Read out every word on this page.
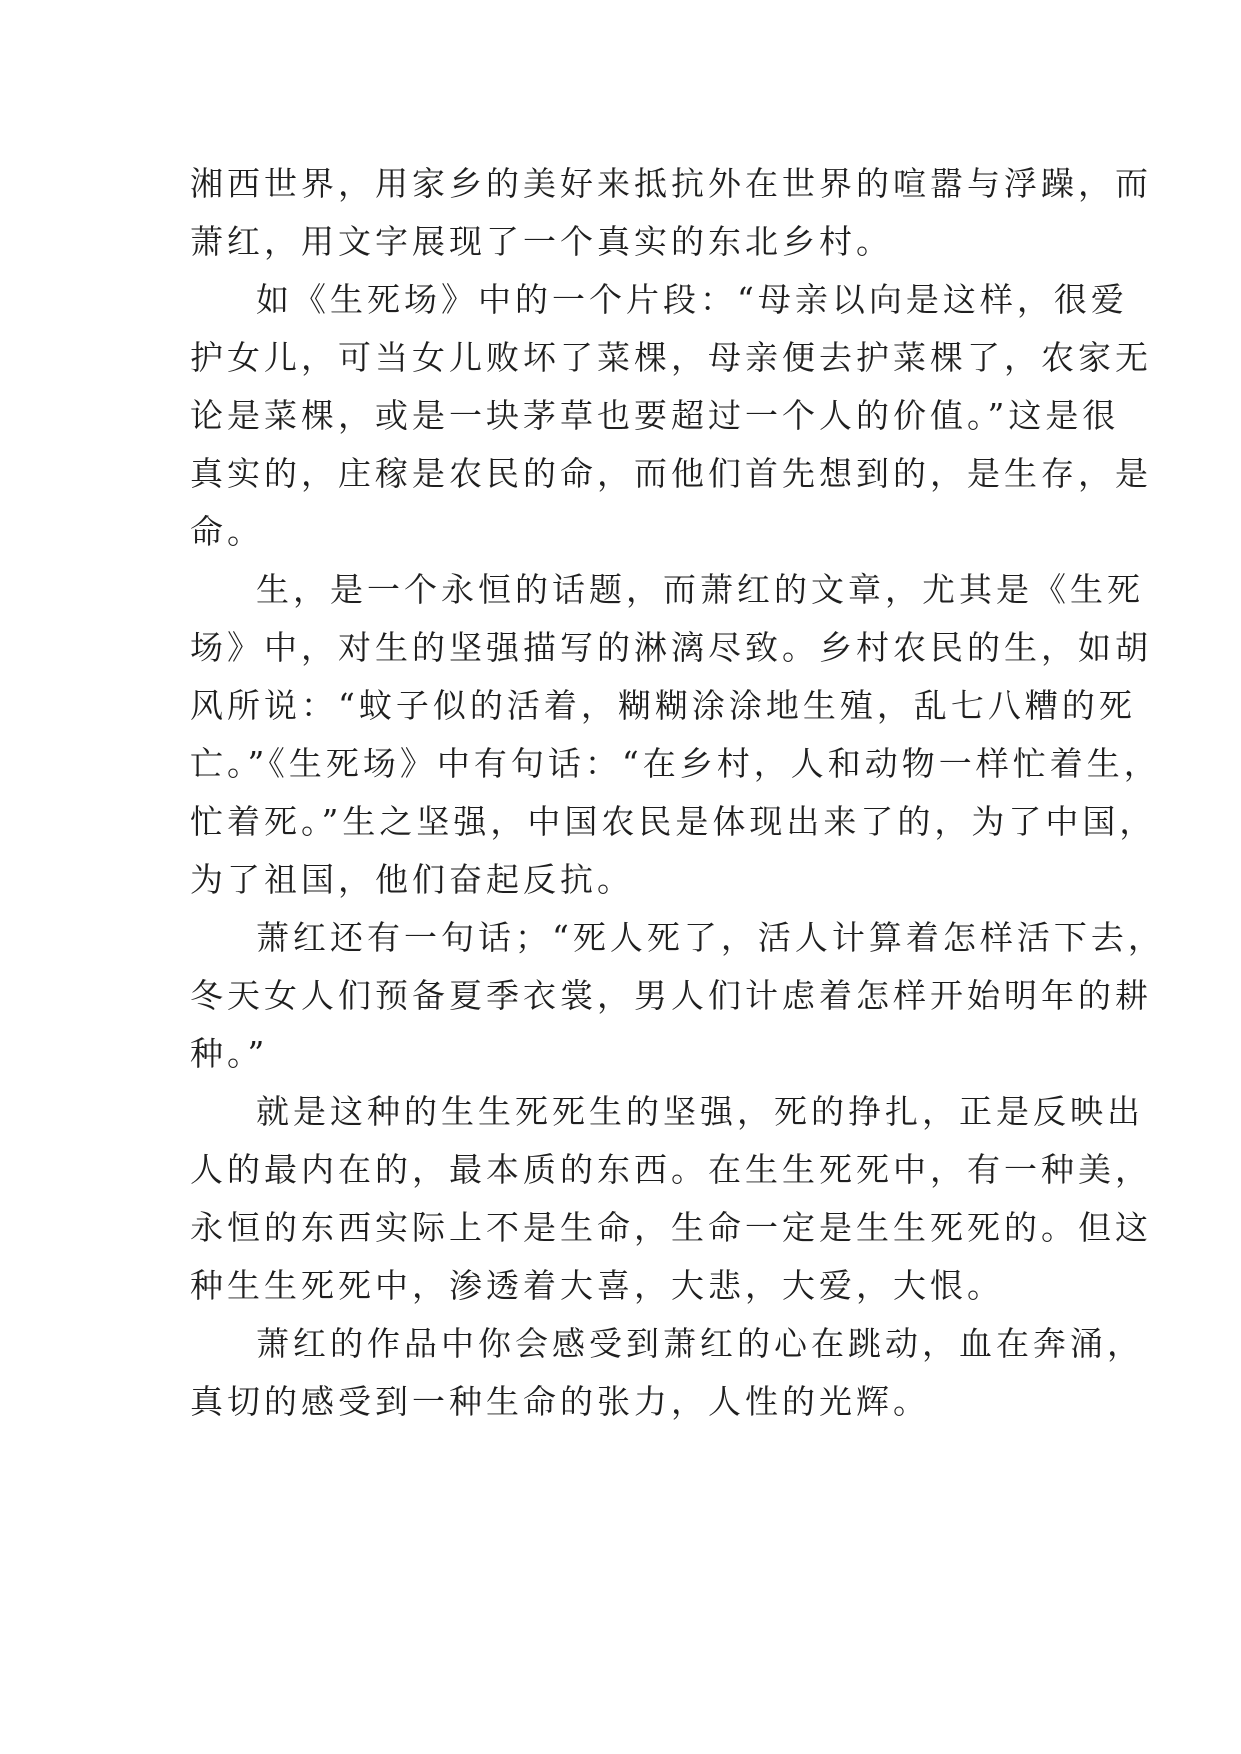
湘西世界，用家乡的美好来抵抗外在世界的喧嚣与浮躁，而
萧红，用文字展现了一个真实的东北乡村。
如《生死场》中的一个片段：“母亲以向是这样，很爱
护女儿，可当女儿败坏了菜棵，母亲便去护菜棵了，农家无
论是菜棵，或是一块茅草也要超过一个人的价值。”这是很
真实的，庄稼是农民的命，而他们首先想到的，是生存，是
命。
生，是一个永恒的话题，而萧红的文章，尤其是《生死
场》中，对生的坚强描写的淋漓尽致。乡村农民的生，如胡
风所说：“蚊子似的活着，糊糊涂涂地生殖，乱七八糟的死
亡。”《生死场》中有句话：“在乡村，人和动物一样忙着生，
忙着死。”生之坚强，中国农民是体现出来了的，为了中国，
为了祖国，他们奋起反抗。
萧红还有一句话；“死人死了，活人计算着怎样活下去，
冬天女人们预备夏季衣裳，男人们计虑着怎样开始明年的耕
种。”
就是这种的生生死死生的坚强，死的挣扎，正是反映出
人的最内在的，最本质的东西。在生生死死中，有一种美，
永恒的东西实际上不是生命，生命一定是生生死死的。但这
种生生死死中，渗透着大喜，大悲，大爱，大恨。
萧红的作品中你会感受到萧红的心在跳动，血在奔涌，
真切的感受到一种生命的张力，人性的光辉。
